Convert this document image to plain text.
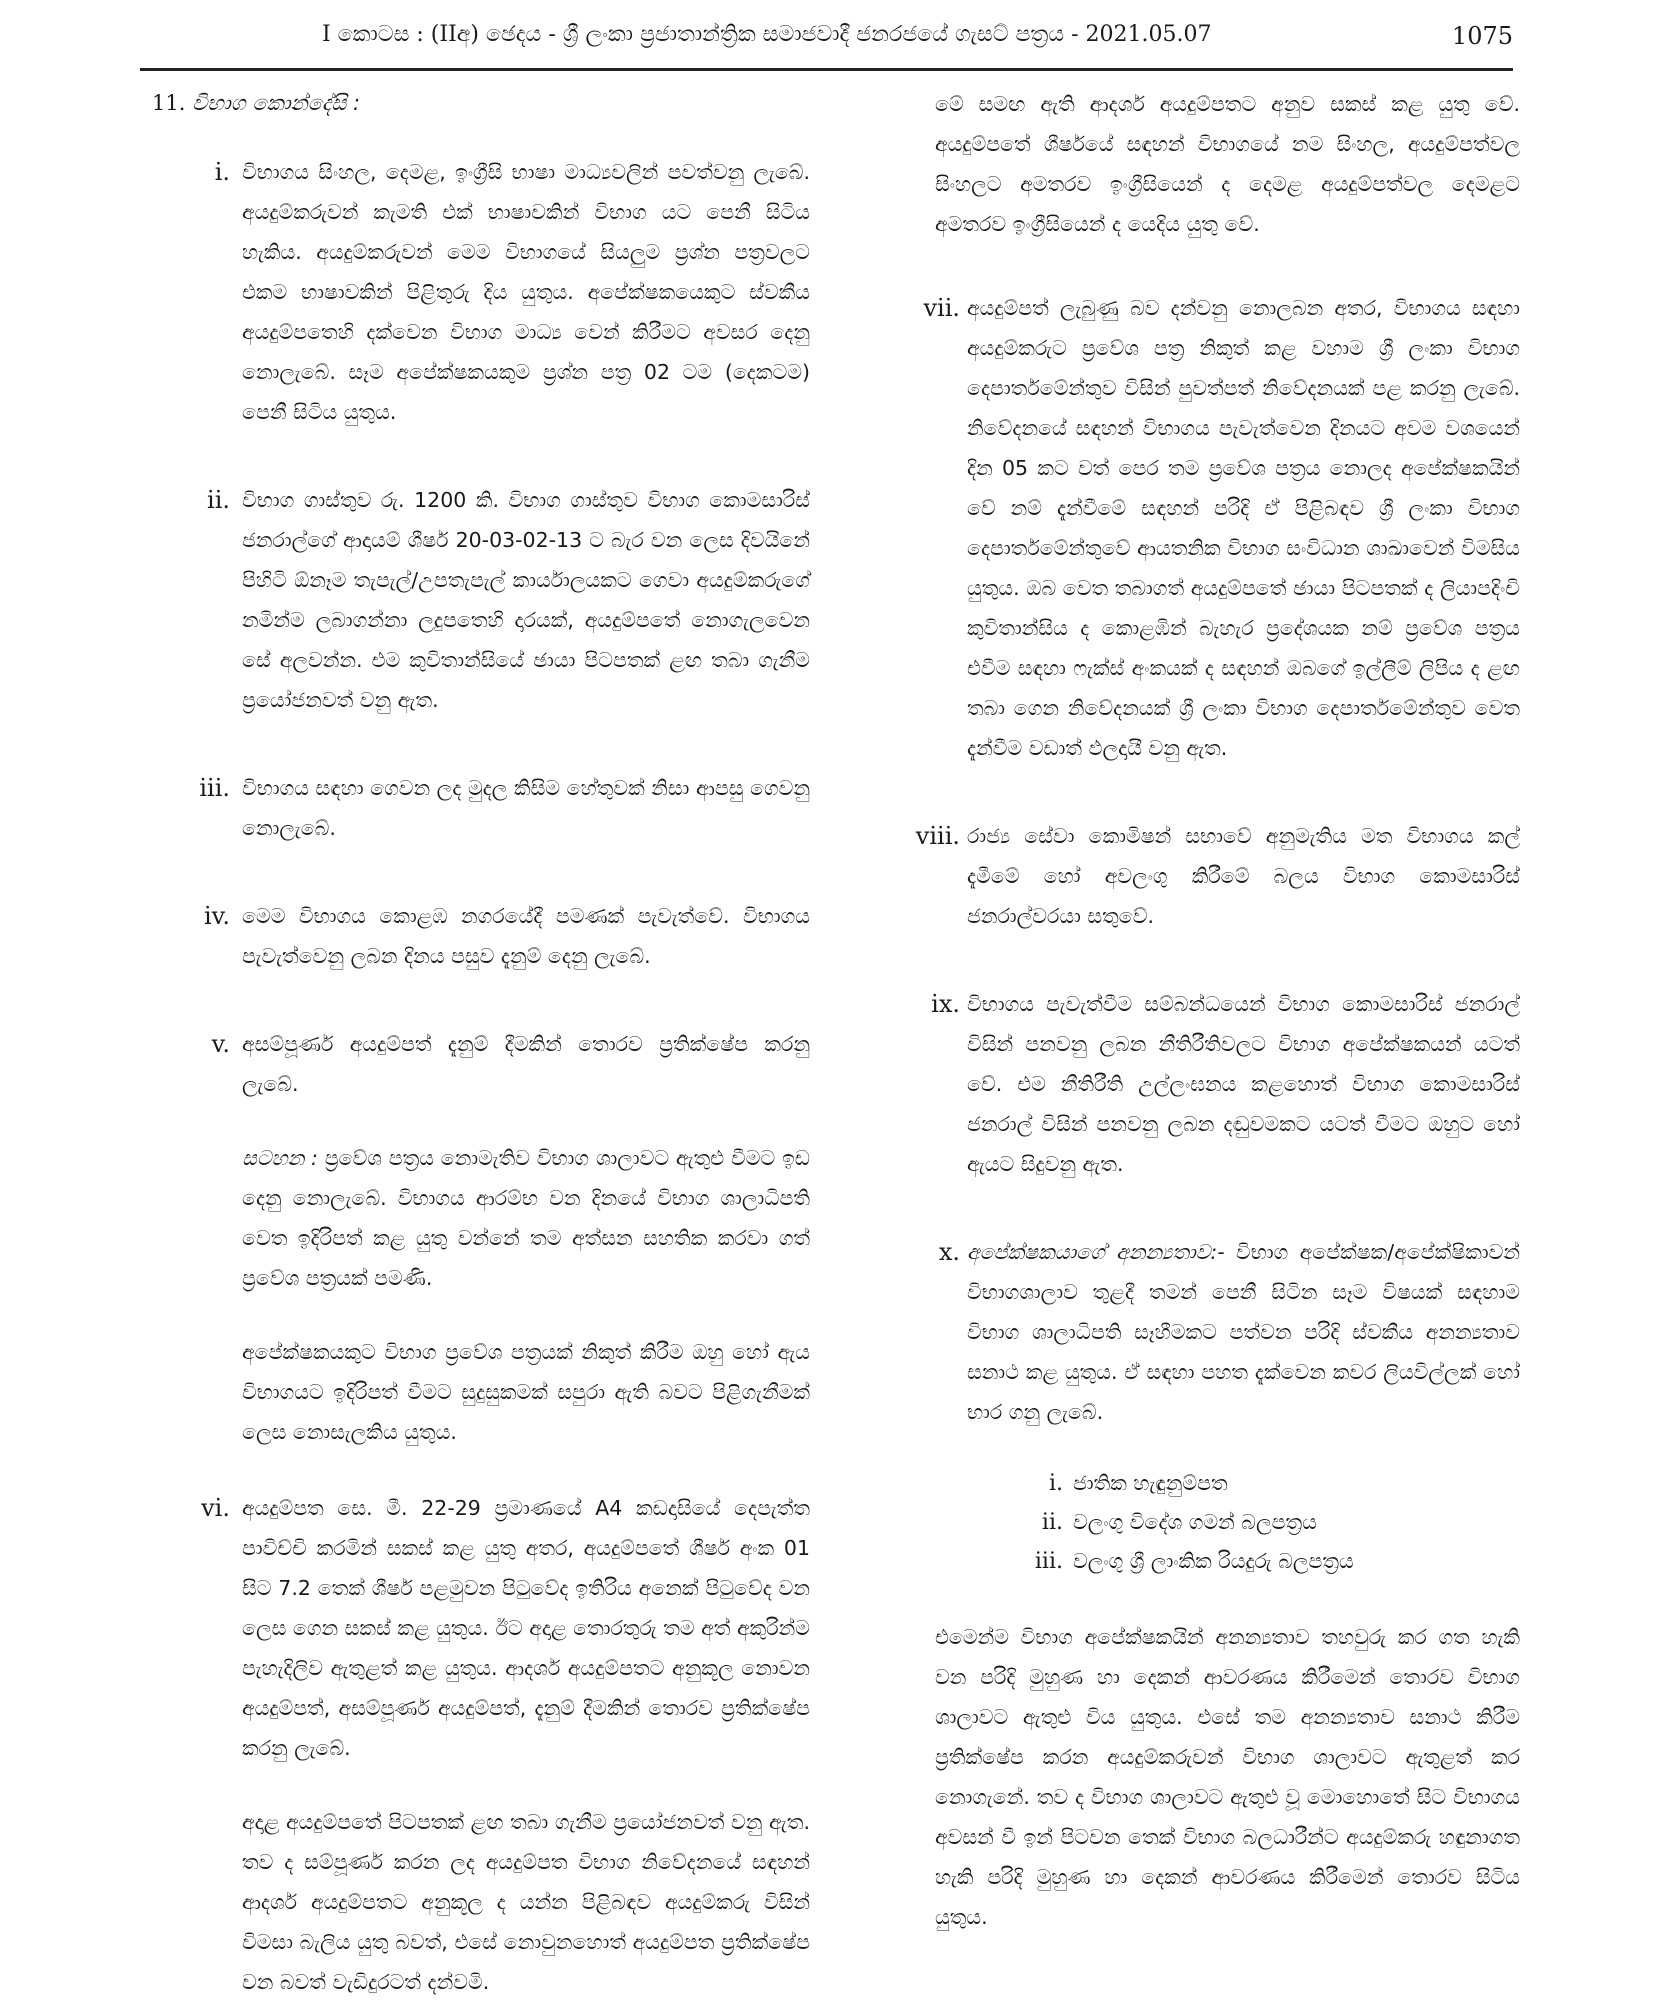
I කොටස : (IIඅ) ඡෙදය - ශ්‍රී ලංකා ප්‍රජාතාන්ත්‍රික සමාජවාදී ජනරජයේ ගැසට් පත්‍රය - 2021.05.07	1075
11. විභාග කොන්දේසි :
i. විභාගය සිංහල, දෙමළ, ඉංග්‍රීසි භාෂා මාධ්‍යවලින් පවත්වනු ලැබේ. අයදුම්කරුවන් කැමති එක් භාෂාවකින් විභාග යට පෙනී සිටිය හැකිය. අයදුම්කරුවන් මෙම විභාගයේ සියලුම ප්‍රශ්න පත්‍රවලට එකම භාෂාවකින් පිළිතුරු දිය යුතුය. අපේක්ෂකයෙකුට ස්වකීය අයදුම්පතෙහි දක්වෙන විභාග මාධ්‍ය වෙන් කිරීමට අවසර දෙනු නොලැබේ. සෑම අපේක්ෂකයකුම ප්‍රශ්න පත්‍ර 02 ටම (දෙකටම) පෙනී සිටිය යුතුය.
ii. විභාග ගාස්තුව රු. 1200 කි. විභාග ගාස්තුව විභාග කොමසාරිස් ජනරාල්ගේ ආදායම් ශීර්ෂ 20-03-02-13 ට බැර වන ලෙස දිවයිනේ පිහිටි ඕනෑම තැපැල්/උපතැපැල් කාර්යාලයකට ගෙවා අයදුම්කරුගේ නමින්ම ලබාගන්නා ලදුපතෙහි දාරයක්, අයදුම්පතේ නොගැලවෙන සේ අලවන්න. එම කුවිතාන්සියේ ඡායා පිටපතක් ළඟ තබා ගැනීම ප්‍රයෝජනවත් වනු ඇත.
iii. විභාගය සඳහා ගෙවන ලද මුදල කිසිම හේතුවක් නිසා ආපසු ගෙවනු නොලැබේ.
iv. මෙම විභාගය කොළඹ නගරයේදී පමණක් පැවැත්වේ. විභාගය පැවැත්වෙනු ලබන දිනය පසුව දැනුම් දෙනු ලැබේ.
v. අසම්පූර්ණ අයදුම්පත් දැනුම් දීමකින් තොරව ප්‍රතික්ෂේප කරනු ලැබේ.
සටහන : ප්‍රවේශ පත්‍රය නොමැතිව විභාග ශාලාවට ඇතුළු වීමට ඉඩ දෙනු නොලැබේ. විභාගය ආරම්භ වන දිනයේ විභාග ශාලාධිපති වෙත ඉදිරිපත් කළ යුතු වන්නේ තම අත්සන සහතික කරවා ගත් ප්‍රවේශ පත්‍රයක් පමණි.
අපේක්ෂකයකුට විභාග ප්‍රවේශ පත්‍රයක් නිකුත් කිරීම ඔහු හෝ ඇය විභාගයට ඉදිරිපත් වීමට සුදුසුකමක් සපුරා ඇති බවට පිළිගැනීමක් ලෙස නොසැලකිය යුතුය.
vi. අයදුම්පත සෙ. මී. 22-29 ප්‍රමාණයේ A4 කඩදාසියේ දෙපැත්ත පාවිච්චි කරමින් සකස් කළ යුතු අතර, අයදුම්පතේ ශීර්ෂ අංක 01 සිට 7.2 තෙක් ශීර්ෂ පළමුවන පිටුවේද ඉතිරිය අනෙක් පිටුවේද වන ලෙස ගෙන සකස් කළ යුතුය. ඊට අදාළ තොරතුරු තම අත් අකුරින්ම පැහැදිලිව ඇතුළත් කළ යුතුය. ආදර්ශ අයදුම්පතට අනුකූල නොවන අයදුම්පත්, අසම්පූර්ණ අයදුම්පත්, දැනුම් දීමකින් තොරව ප්‍රතික්ෂේප කරනු ලැබේ.
අදාළ අයදුම්පතේ පිටපතක් ළඟ තබා ගැනීම ප්‍රයෝජනවත් වනු ඇත. තව ද සම්පූර්ණ කරන ලද අයදුම්පත විභාග නිවේදනයේ සඳහන් ආදර්ශ අයදුම්පතට අනුකූල ද යන්න පිළිබඳව අයදුම්කරු විසින් විමසා බැලිය යුතු බවත්, එසේ නොවුනහොත් අයදුම්පත ප්‍රතික්ෂේප වන බවත් වැඩිදුරටත් දන්වමි.
මේ සමඟ ඇති ආදර්ශ අයදුම්පතට අනුව සකස් කළ යුතු වේ. අයදුම්පතේ ශීර්ෂයේ සඳහන් විභාගයේ නම සිංහල, අයදුම්පත්වල සිංහලට අමතරව ඉංග්‍රීසියෙන් ද දෙමළ අයදුම්පත්වල දෙමළට අමතරව ඉංග්‍රීසියෙන් ද යෙදිය යුතු වේ.
vii. අයදුම්පත් ලැබුණු බව දන්වනු නොලබන අතර, විභාගය සඳහා අයදුම්කරුට ප්‍රවේශ පත්‍ර නිකුත් කළ වහාම ශ්‍රී ලංකා විභාග දෙපාර්තමේන්තුව විසින් පුවත්පත් නිවේදනයක් පළ කරනු ලැබේ. නිවේදනයේ සඳහන් විභාගය පැවැත්වෙන දිනයට අවම වශයෙන් දින 05 කට වත් පෙර තම ප්‍රවේශ පත්‍රය නොලද අපේක්ෂකයින් වේ නම් දැන්වීමේ සඳහන් පරිදි ඒ පිළිබඳව ශ්‍රී ලංකා විභාග දෙපාර්තමේන්තුවේ ආයතනික විභාග සංවිධාන ශාඛාවෙන් විමසිය යුතුය. ඔබ වෙත තබාගත් අයදුම්පතේ ඡායා පිටපතක් ද ලියාපදිංචි කුවිතාන්සිය ද කොළඹින් බැහැර ප්‍රදේශයක නම් ප්‍රවේශ පත්‍රය එවීම සඳහා ෆැක්ස් අංකයක් ද සඳහන් ඔබගේ ඉල්ලීම් ලිපිය ද ළඟ තබා ගෙන නිවේදනයක් ශ්‍රී ලංකා විභාග දෙපාර්තමේන්තුව වෙත දැන්වීම වඩාත් ඵලදායී වනු ඇත.
viii. රාජ්‍ය සේවා කොමිෂන් සභාවේ අනුමැතිය මත විභාගය කල් දැමීමේ හෝ අවලංගු කිරීමේ බලය විභාග කොමසාරිස් ජනරාල්වරයා සතුවේ.
ix. විභාගය පැවැත්වීම සම්බන්ධයෙන් විභාග කොමසාරිස් ජනරාල් විසින් පනවනු ලබන නීතිරීතිවලට විභාග අපේක්ෂකයන් යටත් වේ. එම නීතිරීති උල්ලංඝනය කළහොත් විභාග කොමසාරිස් ජනරාල් විසින් පනවනු ලබන දඬුවමකට යටත් වීමට ඔහුට හෝ ඇයට සිදුවනු ඇත.
x. අපේක්ෂකයාගේ අනන්‍යතාව:- විභාග අපේක්ෂක/අපේක්ෂිකාවන් විභාගශාලාව තුළදී තමන් පෙනී සිටින සෑම විෂයක් සඳහාම විභාග ශාලාධිපති සෑහීමකට පත්වන පරිදි ස්වකීය අනන්‍යතාව සනාථ කළ යුතුය. ඒ සඳහා පහත දැක්වෙන කවර ලියවිල්ලක් හෝ භාර ගනු ලැබේ.
i. ජාතික හැඳුනුම්පත
ii. වලංගු විදේශ ගමන් බලපත්‍රය
iii. වලංගු ශ්‍රී ලාංකික රියදුරු බලපත්‍රය
එමෙන්ම විභාග අපේක්ෂකයින් අනන්‍යතාව තහවුරු කර ගත හැකි වන පරිදි මුහුණ හා දෙකන් ආවරණය කිරීමෙන් තොරව විභාග ශාලාවට ඇතුළු විය යුතුය. එසේ තම අනන්‍යතාව සනාථ කිරීම ප්‍රතික්ෂේප කරන අයදුම්කරුවන් විභාග ශාලාවට ඇතුළත් කර නොගැනේ. තව ද විභාග ශාලාවට ඇතුළු වූ මොහොතේ සිට විභාගය අවසන් වී ඉන් පිටවන තෙක් විභාග බලධාරීන්ට අයදුම්කරු හඳුනාගත හැකි පරිදි මුහුණ හා දෙකන් ආවරණය කිරීමෙන් තොරව සිටිය යුතුය.
